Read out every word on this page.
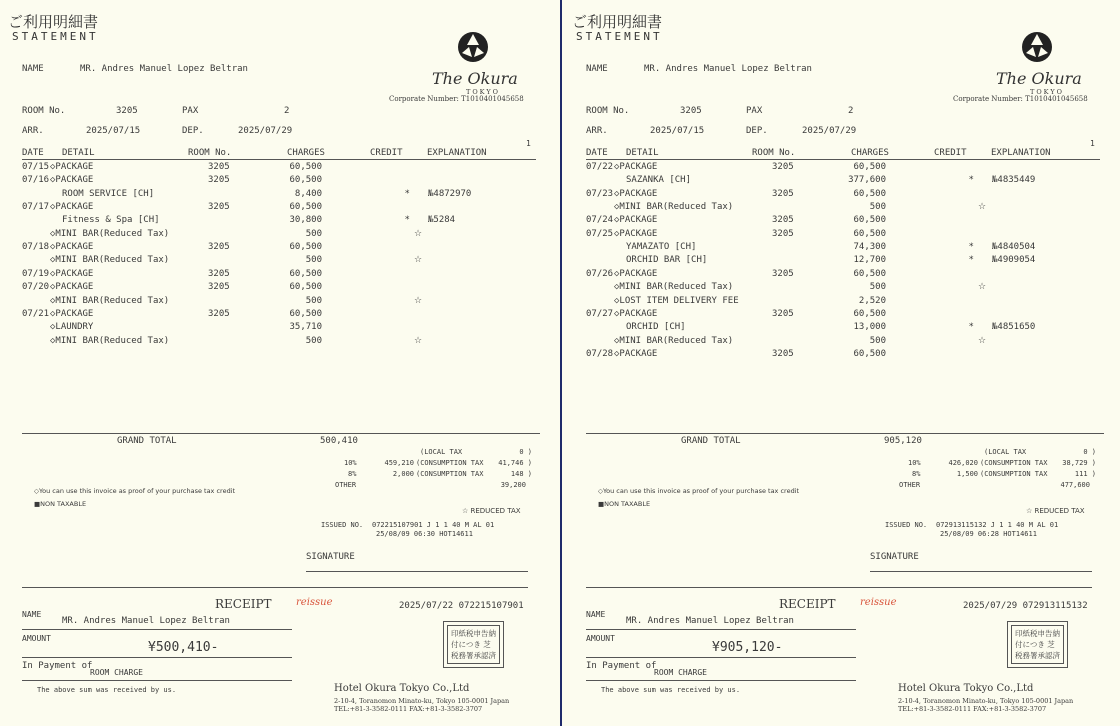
ご利用明細書
STATEMENT
NAME	MR. Andres Manuel Lopez Beltran	The Okura
TOKYO
Corporate Number: T1010401045658
ROOM No.	3205	PAX	2
ARR.	2025/07/15	DEP.	2025/07/29
1
DATE DETAIL	ROOM No.	CHARGES	CREDIT	EXPLANATION
07/15 ◇PACKAGE	3205	60,500
07/16 ◇PACKAGE	3205	60,500
ROOM SERVICE [CH]	8,400	* №4872970
07/17 ◇PACKAGE	3205	60,500
Fitness & Spa [CH]	30,800	* №5284
◇MINI BAR(Reduced Tax)	500	☆
07/18 ◇PACKAGE	3205	60,500
◇MINI BAR(Reduced Tax)	500	☆
07/19 ◇PACKAGE	3205	60,500
07/20 ◇PACKAGE	3205	60,500
◇MINI BAR(Reduced Tax)	500	☆
07/21 ◇PACKAGE	3205	60,500
◇LAUNDRY	35,710
◇MINI BAR(Reduced Tax)	500	☆
GRAND TOTAL	500,410
(LOCAL TAX	0 )
10%	459,210 (CONSUMPTION TAX	41,746 )
8%	2,000 (CONSUMPTION TAX	148 )
OTHER	39,200
◇You can use this invoice as proof of your purchase tax credit
■NON TAXABLE
☆ REDUCED TAX
ISSUED NO. 072215107901 J 1 1 40 M AL 01
25/08/09 06:30 HOT14611
SIGNATURE
RECEIPT reissue	2025/07/22 072215107901
NAME
MR. Andres Manuel Lopez Beltran
AMOUNT
¥500,410-
In Payment of
ROOM CHARGE
The above sum was received by us.
印紙税申告納
付につき 芝
税務署承認済
Hotel Okura Tokyo Co.,Ltd
2-10-4, Toranomon Minato-ku, Tokyo 105-0001 Japan
TEL:+81-3-3582-0111 FAX:+81-3-3582-3707
ご利用明細書
STATEMENT
NAME	MR. Andres Manuel Lopez Beltran	The Okura
TOKYO
Corporate Number: T1010401045658
ROOM No.	3205	PAX	2
ARR.	2025/07/15	DEP.	2025/07/29
1
DATE DETAIL	ROOM No.	CHARGES	CREDIT	EXPLANATION
07/22 ◇PACKAGE	3205	60,500
SAZANKA [CH]	377,600	* №4835449
07/23 ◇PACKAGE	3205	60,500
◇MINI BAR(Reduced Tax)	500	☆
07/24 ◇PACKAGE	3205	60,500
07/25 ◇PACKAGE	3205	60,500
YAMAZATO [CH]	74,300	* №4840504
ORCHID BAR [CH]	12,700	* №4909054
07/26 ◇PACKAGE	3205	60,500
◇MINI BAR(Reduced Tax)	500	☆
◇LOST ITEM DELIVERY FEE	2,520
07/27 ◇PACKAGE	3205	60,500
ORCHID [CH]	13,000	* №4851650
◇MINI BAR(Reduced Tax)	500	☆
07/28 ◇PACKAGE	3205	60,500
GRAND TOTAL	905,120
(LOCAL TAX	0 )
10%	426,020 (CONSUMPTION TAX	38,729 )
8%	1,500 (CONSUMPTION TAX	111 )
OTHER	477,600
◇You can use this invoice as proof of your purchase tax credit
■NON TAXABLE
☆ REDUCED TAX
ISSUED NO. 072913115132 J 1 1 40 M AL 01
25/08/09 06:28 HOT14611
SIGNATURE
RECEIPT reissue	2025/07/29 072913115132
NAME
MR. Andres Manuel Lopez Beltran
AMOUNT
¥905,120-
In Payment of
ROOM CHARGE
The above sum was received by us.
印紙税申告納
付につき 芝
税務署承認済
Hotel Okura Tokyo Co.,Ltd
2-10-4, Toranomon Minato-ku, Tokyo 105-0001 Japan
TEL:+81-3-3582-0111 FAX:+81-3-3582-3707
